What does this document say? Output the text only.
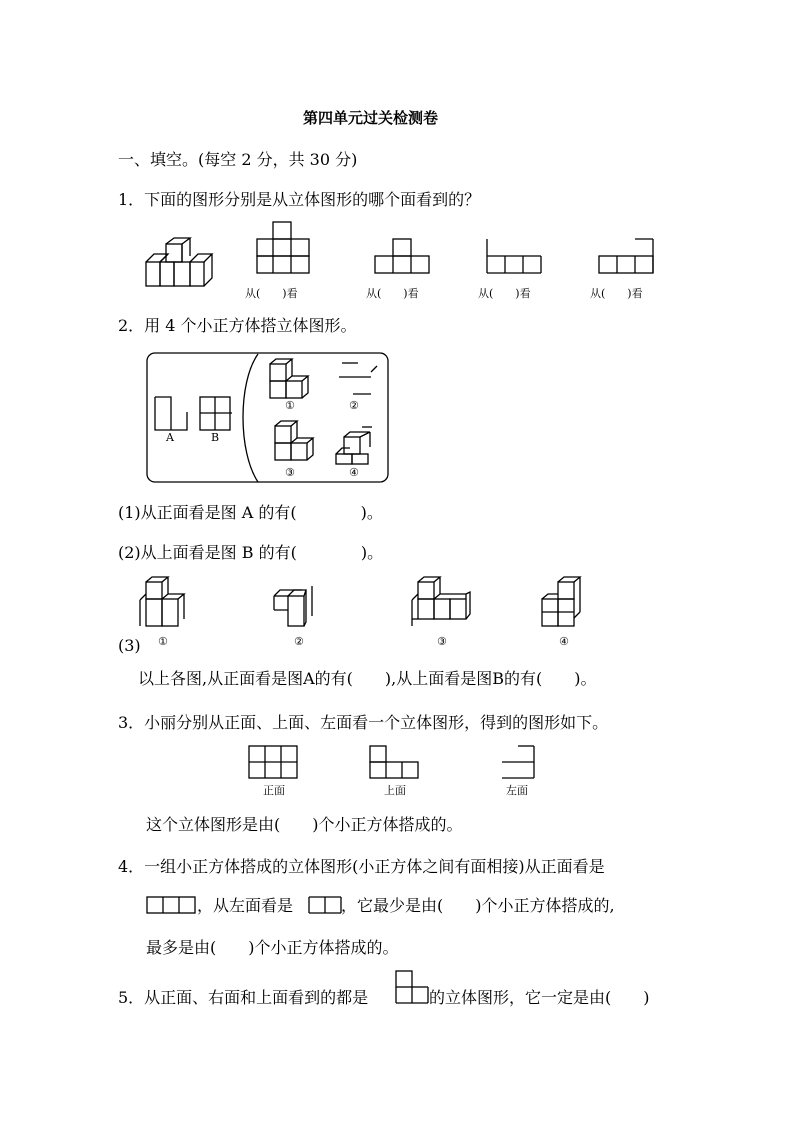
第四单元过关检测卷
一、填空。(每空 2 分，共 30 分)
1．下面的图形分别是从立体图形的哪个面看到的？
从(　　)看	从(　　)看	从(　　)看	从(　　)看
2．用 4 个小正方体搭立体图形。
A	B
①	②
③	④
(1)从正面看是图 A 的有(　　　　)。
(2)从上面看是图 B 的有(　　　　)。
①	②	③	④
(3)
以上各图,从正面看是图A的有(　　),从上面看是图B的有(　　)。
3．小丽分别从正面、上面、左面看一个立体图形，得到的图形如下。
正面	上面	左面
这个立体图形是由(　　)个小正方体搭成的。
4．一组小正方体搭成的立体图形(小正方体之间有面相接)从正面看是
，从左面看是	，它最少是由(　　)个小正方体搭成的,
最多是由(　　)个小正方体搭成的。
5．从正面、右面和上面看到的都是	的立体图形，它一定是由(　　)
